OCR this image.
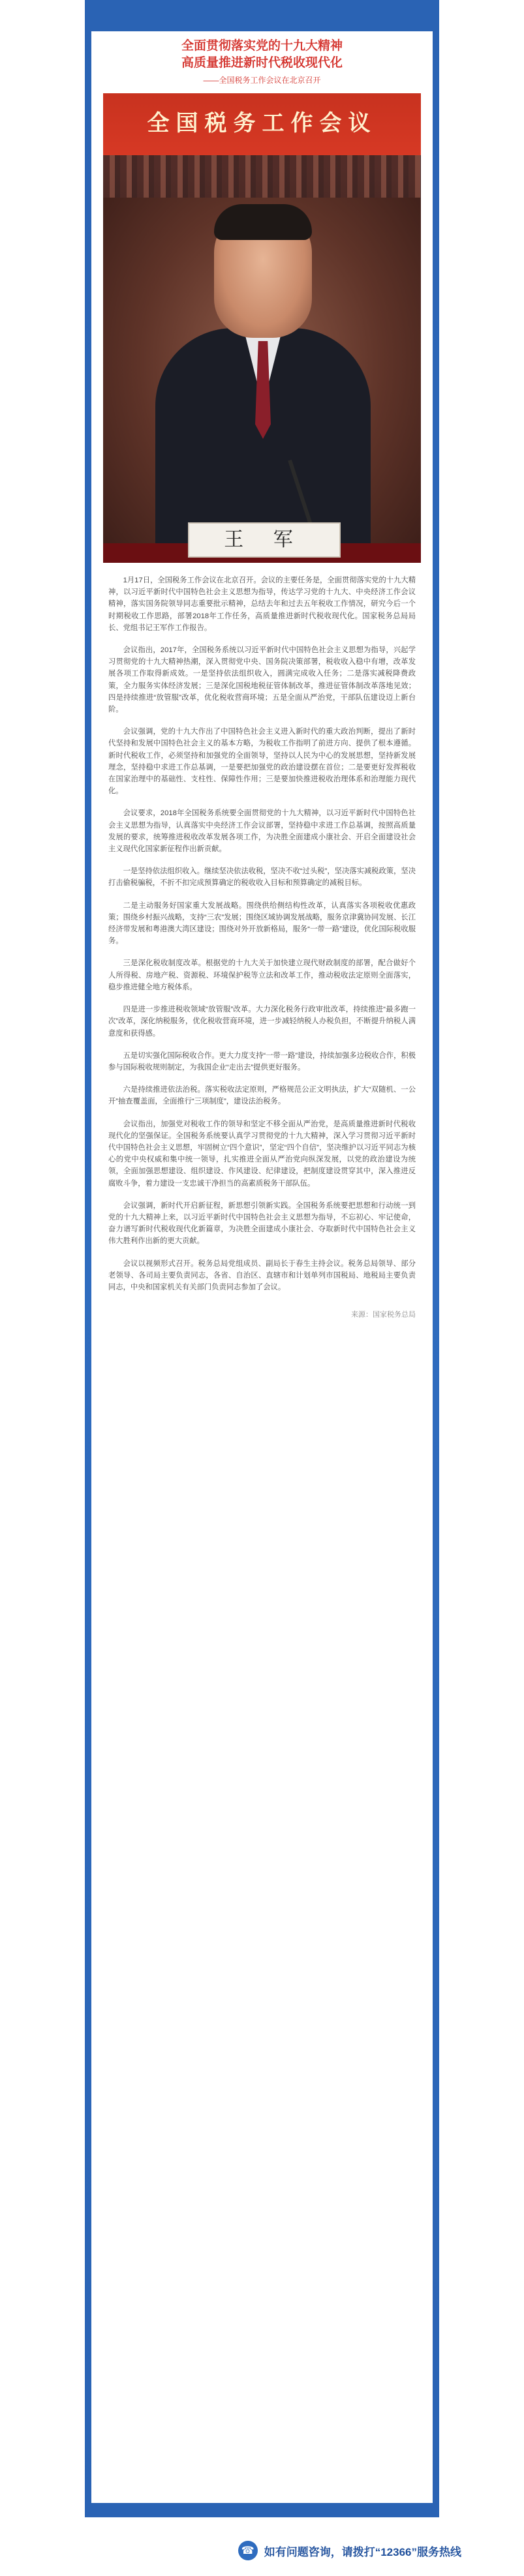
全面贯彻落实党的十九大精神
高质量推进新时代税收现代化
——全国税务工作会议在北京召开
全国税务工作会议
王 军

1月17日，全国税务工作会议在北京召开。会议的主要任务是，全面贯彻落实党的十九大精神，以习近平新时代中国特色社会主义思想为指导，传达学习党的十九大、中央经济工作会议精神，落实国务院领导同志重要批示精神，总结去年和过去五年税收工作情况，研究今后一个时期税收工作思路，部署2018年工作任务，高质量推进新时代税收现代化。国家税务总局局长、党组书记王军作工作报告。

会议指出，2017年，全国税务系统以习近平新时代中国特色社会主义思想为指导，兴起学习贯彻党的十九大精神热潮，深入贯彻党中央、国务院决策部署，税收收入稳中有增，改革发展各项工作取得新成效。一是坚持依法组织收入，圆满完成收入任务；二是落实减税降费政策，全力服务实体经济发展；三是深化国税地税征管体制改革，推进征管体制改革落地见效；四是持续推进“放管服”改革，优化税收营商环境；五是全面从严治党，干部队伍建设迈上新台阶。

会议强调，党的十九大作出了中国特色社会主义进入新时代的重大政治判断，提出了新时代坚持和发展中国特色社会主义的基本方略，为税收工作指明了前进方向、提供了根本遵循。新时代税收工作，必须坚持和加强党的全面领导，坚持以人民为中心的发展思想，坚持新发展理念，坚持稳中求进工作总基调，一是要把加强党的政治建设摆在首位；二是要更好发挥税收在国家治理中的基础性、支柱性、保障性作用；三是要加快推进税收治理体系和治理能力现代化。

会议要求，2018年全国税务系统要全面贯彻党的十九大精神，以习近平新时代中国特色社会主义思想为指导，认真落实中央经济工作会议部署，坚持稳中求进工作总基调，按照高质量发展的要求，统筹推进税收改革发展各项工作，为决胜全面建成小康社会、开启全面建设社会主义现代化国家新征程作出新贡献。

一是坚持依法组织收入。继续坚决依法收税，坚决不收“过头税”，坚决落实减税政策，坚决打击偷税骗税，不折不扣完成预算确定的税收收入目标和预算确定的减税目标。

二是主动服务好国家重大发展战略。围绕供给侧结构性改革，认真落实各项税收优惠政策；围绕乡村振兴战略，支持“三农”发展；围绕区域协调发展战略，服务京津冀协同发展、长江经济带发展和粤港澳大湾区建设；围绕对外开放新格局，服务“一带一路”建设，优化国际税收服务。

三是深化税收制度改革。根据党的十九大关于加快建立现代财政制度的部署，配合做好个人所得税、房地产税、资源税、环境保护税等立法和改革工作，推动税收法定原则全面落实，稳步推进健全地方税体系。

四是进一步推进税收领域“放管服”改革。大力深化税务行政审批改革，持续推进“最多跑一次”改革，深化纳税服务，优化税收营商环境，进一步减轻纳税人办税负担，不断提升纳税人满意度和获得感。

五是切实强化国际税收合作。更大力度支持“一带一路”建设，持续加强多边税收合作，积极参与国际税收规则制定，为我国企业“走出去”提供更好服务。

六是持续推进依法治税。落实税收法定原则，严格规范公正文明执法，扩大“双随机、一公开”抽查覆盖面，全面推行“三项制度”，建设法治税务。

会议指出，加强党对税收工作的领导和坚定不移全面从严治党，是高质量推进新时代税收现代化的坚强保证。全国税务系统要认真学习贯彻党的十九大精神，深入学习贯彻习近平新时代中国特色社会主义思想，牢固树立“四个意识”，坚定“四个自信”，坚决维护以习近平同志为核心的党中央权威和集中统一领导，扎实推进全面从严治党向纵深发展，以党的政治建设为统领，全面加强思想建设、组织建设、作风建设、纪律建设，把制度建设贯穿其中，深入推进反腐败斗争，着力建设一支忠诚干净担当的高素质税务干部队伍。

会议强调，新时代开启新征程，新思想引领新实践。全国税务系统要把思想和行动统一到党的十九大精神上来，以习近平新时代中国特色社会主义思想为指导，不忘初心、牢记使命，奋力谱写新时代税收现代化新篇章，为决胜全面建成小康社会、夺取新时代中国特色社会主义伟大胜利作出新的更大贡献。

会议以视频形式召开。税务总局党组成员、副局长于春生主持会议。税务总局领导、部分老领导、各司局主要负责同志，各省、自治区、直辖市和计划单列市国税局、地税局主要负责同志，中央和国家机关有关部门负责同志参加了会议。

来源：国家税务总局
☎ 如有问题咨询，请拨打“12366”服务热线
